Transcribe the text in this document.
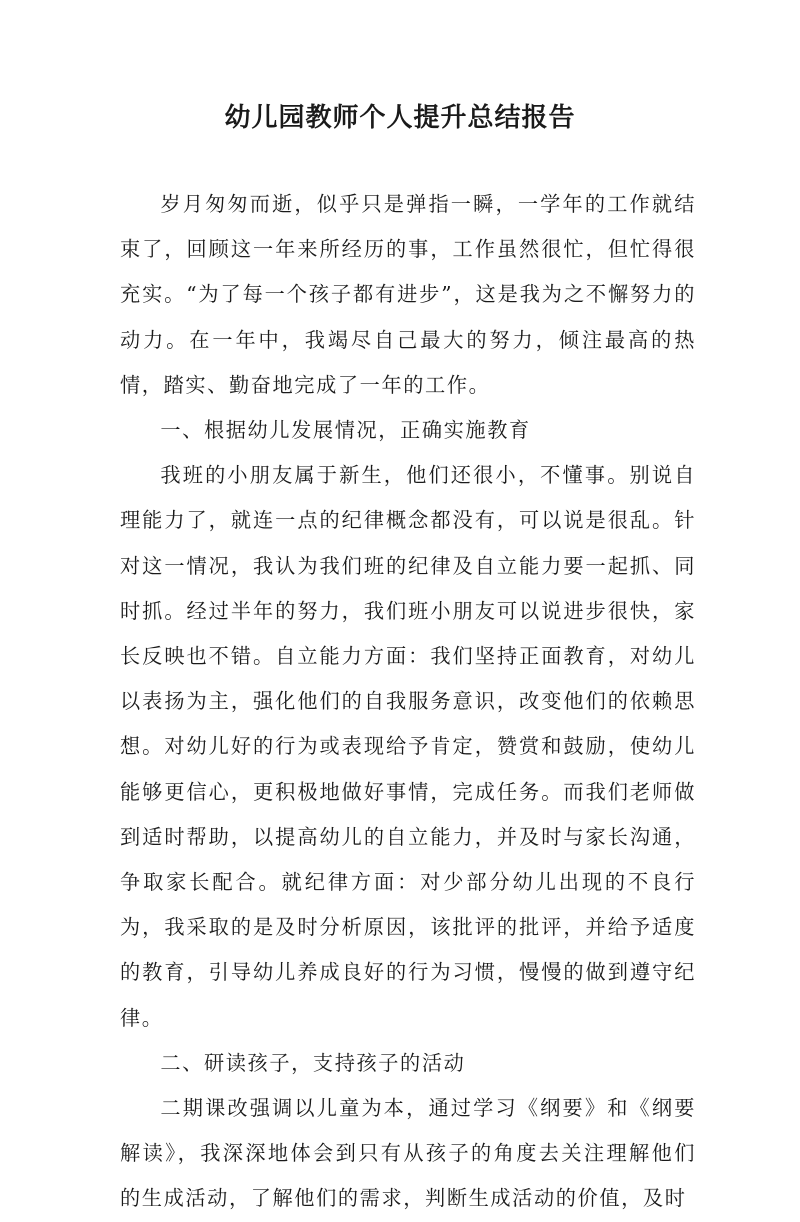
幼儿园教师个人提升总结报告

岁月匆匆而逝，似乎只是弹指一瞬，一学年的工作就结束了，回顾这一年来所经历的事，工作虽然很忙，但忙得很充实。“为了每一个孩子都有进步”，这是我为之不懈努力的动力。在一年中，我竭尽自己最大的努力，倾注最高的热情，踏实、勤奋地完成了一年的工作。

一、根据幼儿发展情况，正确实施教育

我班的小朋友属于新生，他们还很小，不懂事。别说自理能力了，就连一点的纪律概念都没有，可以说是很乱。针对这一情况，我认为我们班的纪律及自立能力要一起抓、同时抓。经过半年的努力，我们班小朋友可以说进步很快，家长反映也不错。自立能力方面：我们坚持正面教育，对幼儿以表扬为主，强化他们的自我服务意识，改变他们的依赖思想。对幼儿好的行为或表现给予肯定，赞赏和鼓励，使幼儿能够更信心，更积极地做好事情，完成任务。而我们老师做到适时帮助，以提高幼儿的自立能力，并及时与家长沟通，争取家长配合。就纪律方面：对少部分幼儿出现的不良行为，我采取的是及时分析原因，该批评的批评，并给予适度的教育，引导幼儿养成良好的行为习惯，慢慢的做到遵守纪律。

二、研读孩子，支持孩子的活动

二期课改强调以儿童为本，通过学习《纲要》和《纲要解读》，我深深地体会到只有从孩子的角度去关注理解他们的生成活动，了解他们的需求，判断生成活动的价值，及时
